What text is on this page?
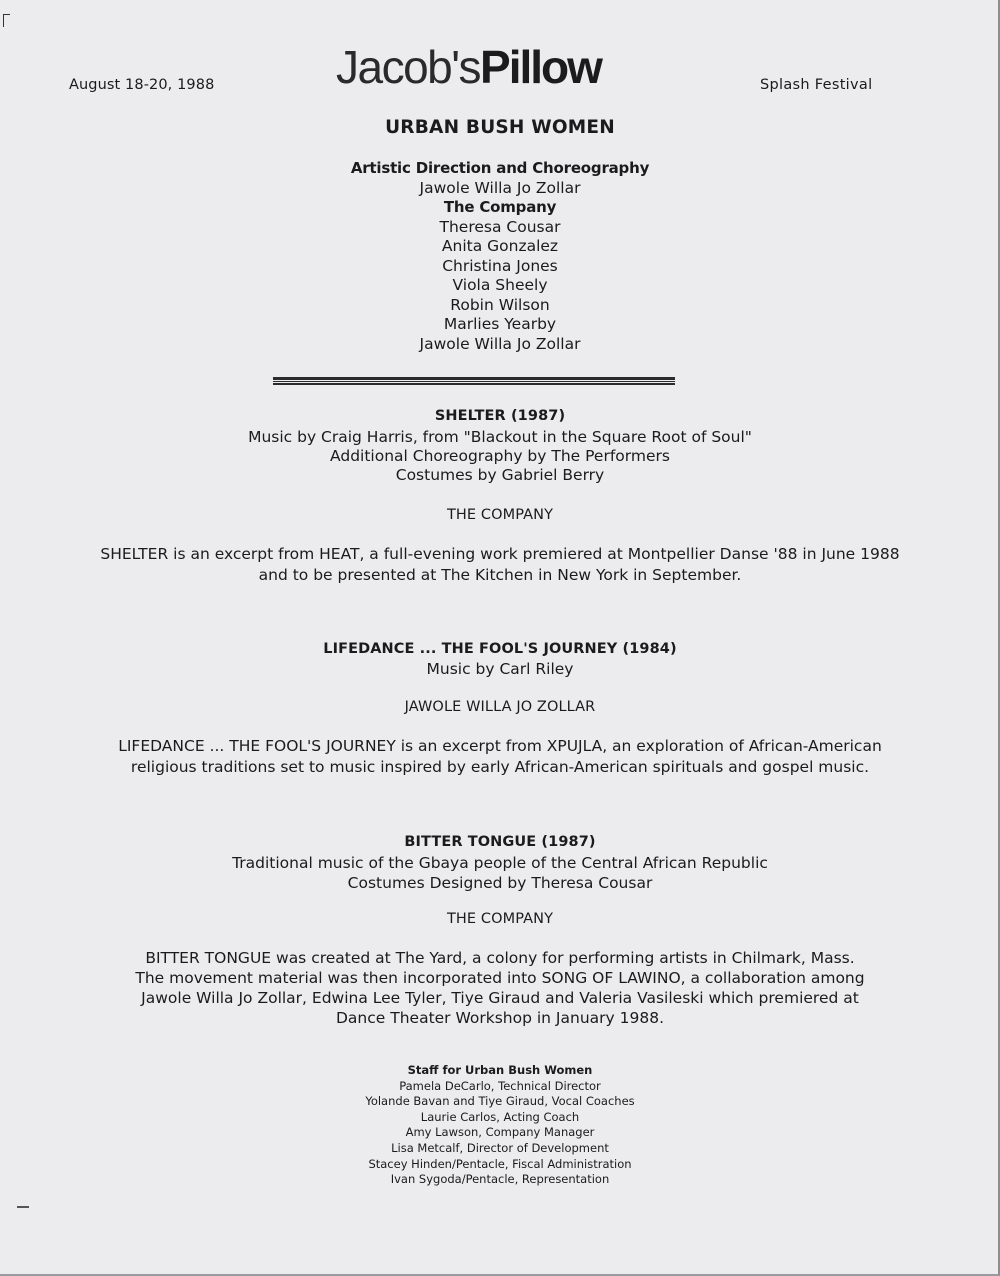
August 18-20, 1988	Jacob'sPillow	Splash Festival
URBAN BUSH WOMEN
Artistic Direction and Choreography
Jawole Willa Jo Zollar
The Company
Theresa Cousar
Anita Gonzalez
Christina Jones
Viola Sheely
Robin Wilson
Marlies Yearby
Jawole Willa Jo Zollar
SHELTER (1987)
Music by Craig Harris, from "Blackout in the Square Root of Soul"
Additional Choreography by The Performers
Costumes by Gabriel Berry
THE COMPANY
SHELTER is an excerpt from HEAT, a full-evening work premiered at Montpellier Danse '88 in June 1988
and to be presented at The Kitchen in New York in September.
LIFEDANCE ... THE FOOL'S JOURNEY (1984)
Music by Carl Riley
JAWOLE WILLA JO ZOLLAR
LIFEDANCE ... THE FOOL'S JOURNEY is an excerpt from XPUJLA, an exploration of African-American
religious traditions set to music inspired by early African-American spirituals and gospel music.
BITTER TONGUE (1987)
Traditional music of the Gbaya people of the Central African Republic
Costumes Designed by Theresa Cousar
THE COMPANY
BITTER TONGUE was created at The Yard, a colony for performing artists in Chilmark, Mass.
The movement material was then incorporated into SONG OF LAWINO, a collaboration among
Jawole Willa Jo Zollar, Edwina Lee Tyler, Tiye Giraud and Valeria Vasileski which premiered at
Dance Theater Workshop in January 1988.
Staff for Urban Bush Women
Pamela DeCarlo, Technical Director
Yolande Bavan and Tiye Giraud, Vocal Coaches
Laurie Carlos, Acting Coach
Amy Lawson, Company Manager
Lisa Metcalf, Director of Development
Stacey Hinden/Pentacle, Fiscal Administration
Ivan Sygoda/Pentacle, Representation
